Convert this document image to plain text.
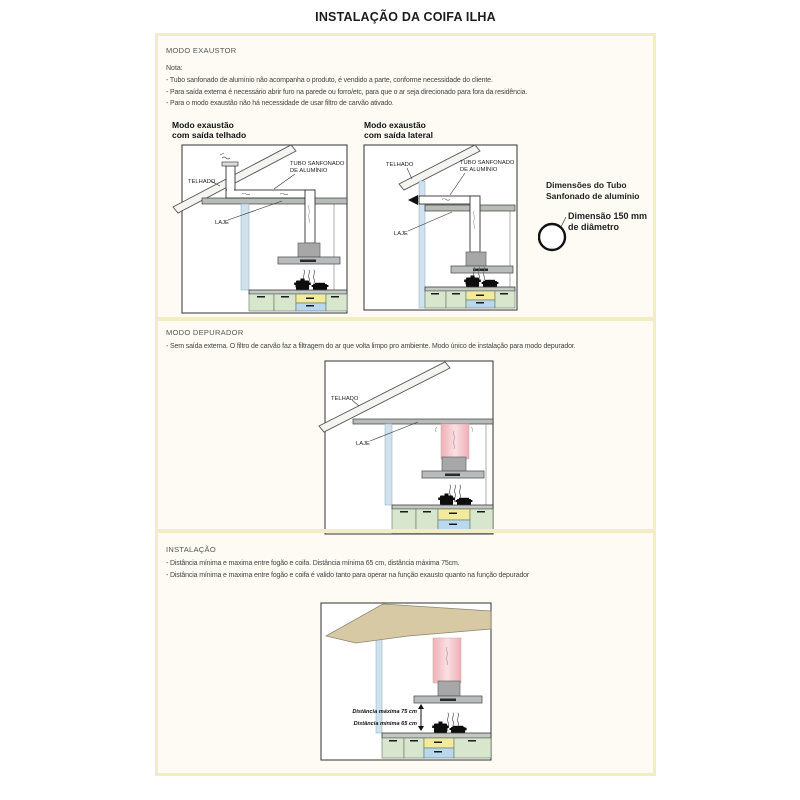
INSTALAÇÃO DA COIFA ILHA
MODO EXAUSTOR
Nota:
- Tubo sanfonado de alumínio não acompanha o produto, é vendido a parte, conforme necessidade do cliente.
- Para saída externa é necessário abrir furo na parede ou forro/etc, para que o ar seja direcionado para fora da residência.
- Para o modo exaustão não há necessidade de usar filtro de carvão ativado.
Modo exaustão
com saída telhado
TELHADO
TUBO SANFONADO
DE ALUMÍNIO
LAJE
Modo exaustão
com saída lateral
TELHADO	TUBO SANFONADO
DE ALUMÍNIO
LAJE
Dimensões do Tubo
Sanfonado de alumínio
Dimensão 150 mm
de diâmetro
MODO DEPURADOR
- Sem saída externa. O filtro de carvão faz a filtragem do ar que volta limpo pro ambiente. Modo único de instalação para modo depurador.
TELHADO
LAJE
INSTALAÇÃO
- Distância mínima e maxima entre fogão e coifa. Distância mínima 65 cm, distância máxima 75cm.
- Distância mínima e maxima entre fogão e coifa é valido tanto para operar na função exausto quanto na função depurador
Distância máxima 75 cm
Distância mínima 65 cm
